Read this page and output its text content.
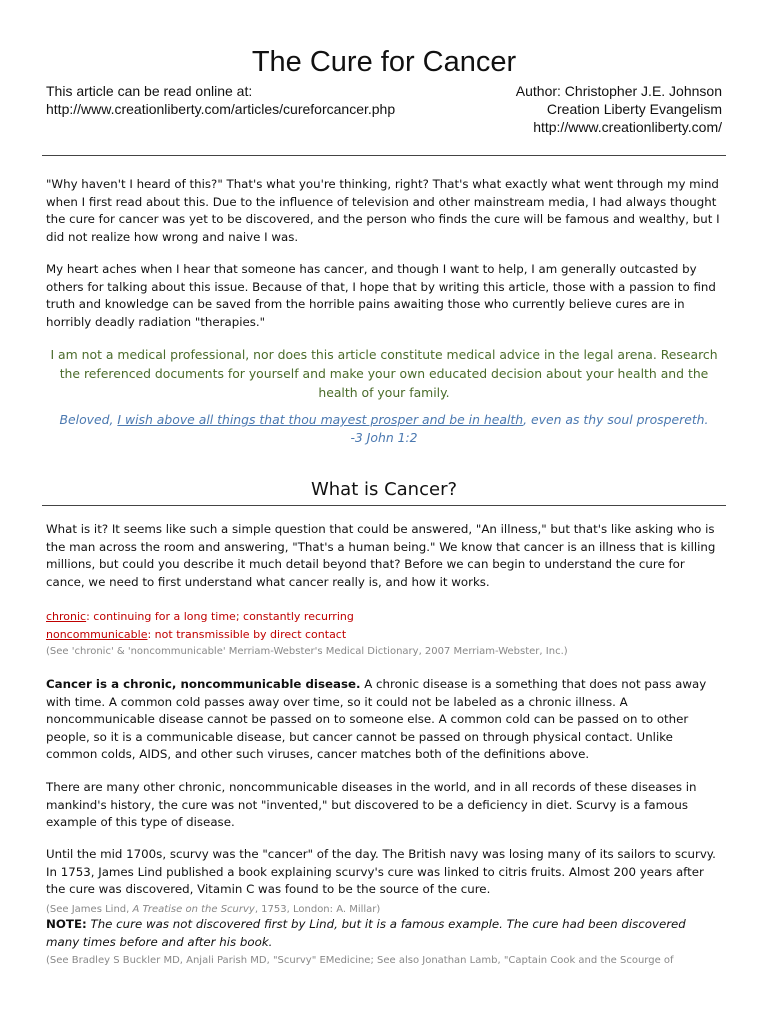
The Cure for Cancer
This article can be read online at:
http://www.creationliberty.com/articles/cureforcancer.php
Author: Christopher J.E. Johnson
Creation Liberty Evangelism
http://www.creationliberty.com/
"Why haven't I heard of this?" That's what you're thinking, right? That's what exactly what went through my mind when I first read about this. Due to the influence of television and other mainstream media, I had always thought the cure for cancer was yet to be discovered, and the person who finds the cure will be famous and wealthy, but I did not realize how wrong and naive I was.
My heart aches when I hear that someone has cancer, and though I want to help, I am generally outcasted by others for talking about this issue. Because of that, I hope that by writing this article, those with a passion to find truth and knowledge can be saved from the horrible pains awaiting those who currently believe cures are in horribly deadly radiation "therapies."
I am not a medical professional, nor does this article constitute medical advice in the legal arena. Research the referenced documents for yourself and make your own educated decision about your health and the health of your family.
Beloved, I wish above all things that thou mayest prosper and be in health, even as thy soul prospereth.
-3 John 1:2
What is Cancer?
What is it? It seems like such a simple question that could be answered, "An illness," but that's like asking who is the man across the room and answering, "That's a human being." We know that cancer is an illness that is killing millions, but could you describe it much detail beyond that? Before we can begin to understand the cure for cance, we need to first understand what cancer really is, and how it works.
chronic: continuing for a long time; constantly recurring
noncommunicable: not transmissible by direct contact
(See 'chronic' & 'noncommunicable' Merriam-Webster's Medical Dictionary, 2007 Merriam-Webster, Inc.)
Cancer is a chronic, noncommunicable disease. A chronic disease is a something that does not pass away with time. A common cold passes away over time, so it could not be labeled as a chronic illness. A noncommunicable disease cannot be passed on to someone else. A common cold can be passed on to other people, so it is a communicable disease, but cancer cannot be passed on through physical contact. Unlike common colds, AIDS, and other such viruses, cancer matches both of the definitions above.
There are many other chronic, noncommunicable diseases in the world, and in all records of these diseases in mankind's history, the cure was not "invented," but discovered to be a deficiency in diet. Scurvy is a famous example of this type of disease.
Until the mid 1700s, scurvy was the "cancer" of the day. The British navy was losing many of its sailors to scurvy. In 1753, James Lind published a book explaining scurvy's cure was linked to citris fruits. Almost 200 years after the cure was discovered, Vitamin C was found to be the source of the cure.
(See James Lind, A Treatise on the Scurvy, 1753, London: A. Millar)
NOTE: The cure was not discovered first by Lind, but it is a famous example. The cure had been discovered many times before and after his book.
(See Bradley S Buckler MD, Anjali Parish MD, "Scurvy" EMedicine; See also Jonathan Lamb, "Captain Cook and the Scourge of
